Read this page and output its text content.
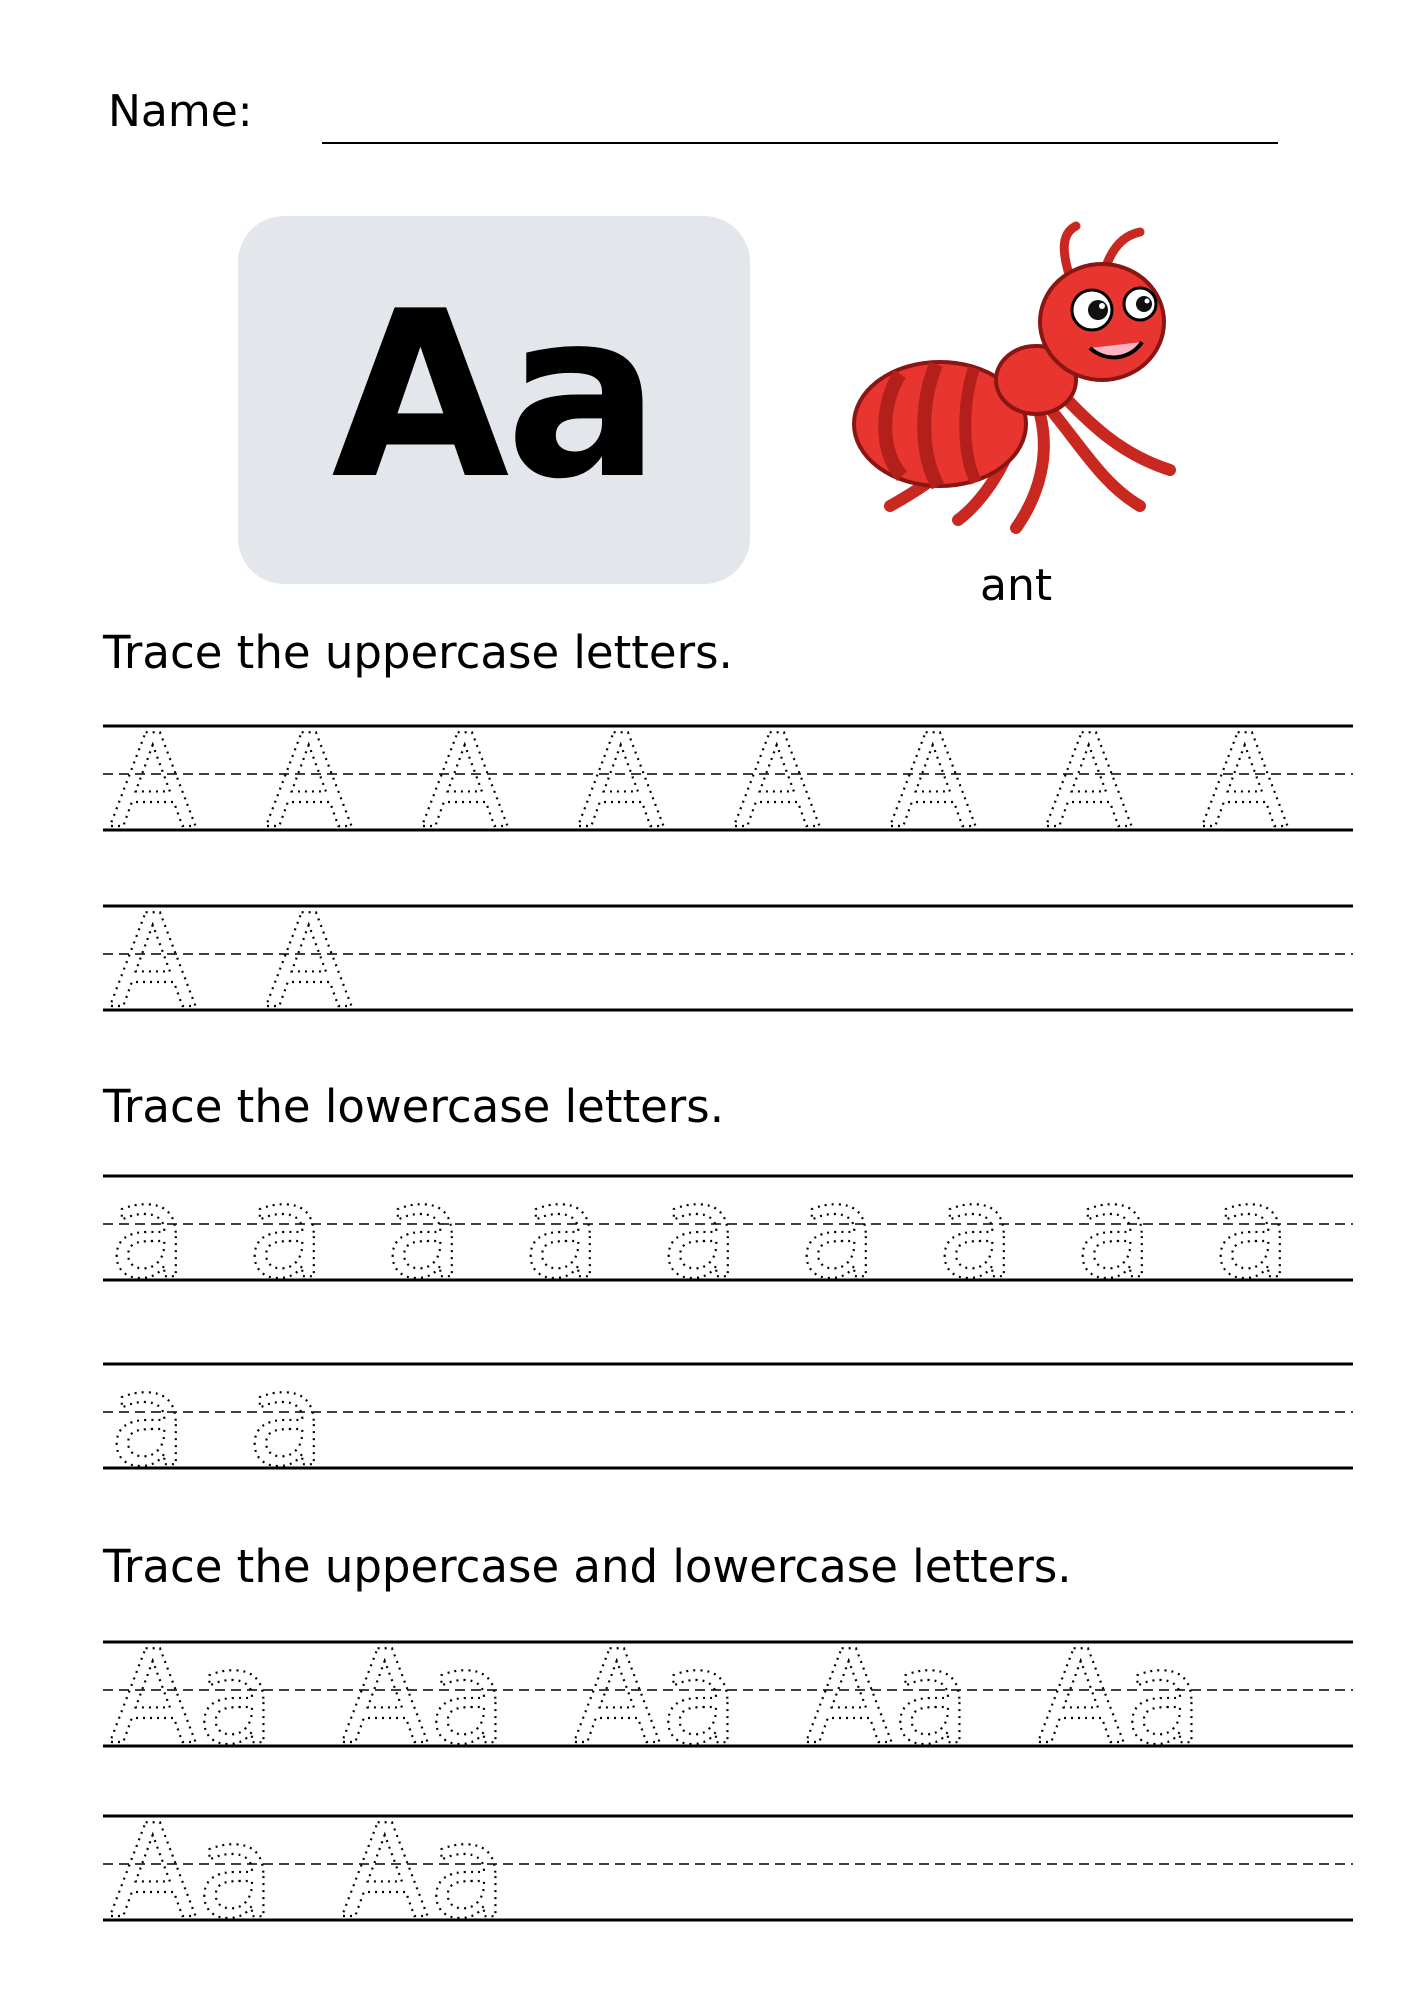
Name:
Aa
ant
Trace the uppercase letters.
A A A A A A A A
A A
Trace the lowercase letters.
a a a a a a a a a
a a
Trace the uppercase and lowercase letters.
Aa Aa Aa Aa Aa
Aa Aa
